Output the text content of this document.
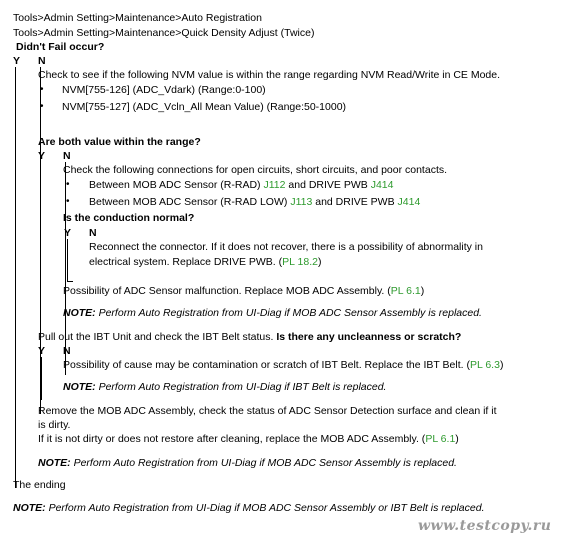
Tools>Admin Setting>Maintenance>Auto Registration
Tools>Admin Setting>Maintenance>Quick Density Adjust (Twice)
Didn't Fail occur?
Y N
Check to see if the following NVM value is within the range regarding NVM Read/Write in CE Mode.
• NVM[755-126] (ADC_Vdark) (Range:0-100)
• NVM[755-127] (ADC_Vcln_All Mean Value) (Range:50-1000)
Are both value within the range?
Y N
Check the following connections for open circuits, short circuits, and poor contacts.
• Between MOB ADC Sensor (R-RAD) J112 and DRIVE PWB J414
• Between MOB ADC Sensor (R-RAD LOW) J113 and DRIVE PWB J414
Is the conduction normal?
Y N
Reconnect the connector. If it does not recover, there is a possibility of abnormality in
electrical system. Replace DRIVE PWB. (PL 18.2)
Possibility of ADC Sensor malfunction. Replace MOB ADC Assembly. (PL 6.1)
NOTE: Perform Auto Registration from UI-Diag if MOB ADC Sensor Assembly is replaced.
Pull out the IBT Unit and check the IBT Belt status. Is there any uncleanness or scratch?
Y N
Possibility of cause may be contamination or scratch of IBT Belt. Replace the IBT Belt. (PL 6.3)
NOTE: Perform Auto Registration from UI-Diag if IBT Belt is replaced.
Remove the MOB ADC Assembly, check the status of ADC Sensor Detection surface and clean if it
is dirty.
If it is not dirty or does not restore after cleaning, replace the MOB ADC Assembly. (PL 6.1)
NOTE: Perform Auto Registration from UI-Diag if MOB ADC Sensor Assembly is replaced.
The ending
NOTE: Perform Auto Registration from UI-Diag if MOB ADC Sensor Assembly or IBT Belt is replaced.
www.testcopy.ru
